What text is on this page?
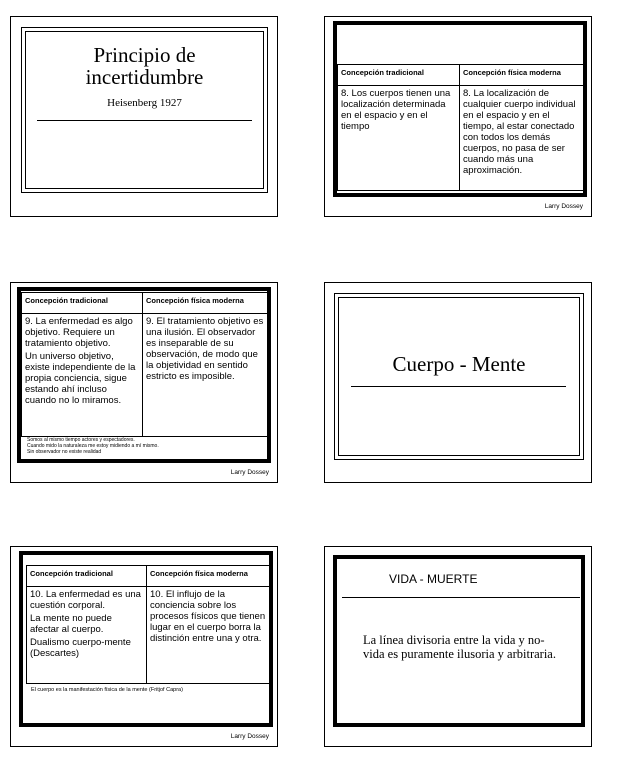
Principio de
incertidumbre
Heisenberg 1927
Concepción tradicional	Concepción física moderna
8. Los cuerpos tienen una localización determinada en el espacio y en el tiempo	8. La localización de cualquier cuerpo individual en el espacio y en el tiempo, al estar conectado con todos los demás cuerpos, no pasa de ser cuando más una aproximación.
Larry Dossey
Concepción tradicional	Concepción física moderna

9. La enfermedad es algo objetivo. Requiere un tratamiento objetivo.

Un universo objetivo, existe independiente de la propia conciencia, sigue estando ahí incluso cuando no lo miramos.	9. El tratamiento objetivo es una ilusión. El observador es inseparable de su observación, de modo que la objetividad en sentido estricto es imposible.
Somos al mismo tiempo actores y espectadores.
Cuando mido la naturaleza me estoy midiendo a mí mismo.
Sin observador no existe realidad
Larry Dossey
Cuerpo - Mente
Concepción tradicional	Concepción física moderna

10. La enfermedad es una cuestión corporal.

La mente no puede afectar al cuerpo.

Dualismo cuerpo-mente (Descartes)	10. El influjo de la conciencia sobre los procesos físicos que tienen lugar en el cuerpo borra la distinción entre una y otra.
El cuerpo es la manifestación física de la mente (Fritjof Capra)
Larry Dossey
VIDA - MUERTE
La línea divisoria entre la vida y no-vida es puramente ilusoria y arbitraria.
